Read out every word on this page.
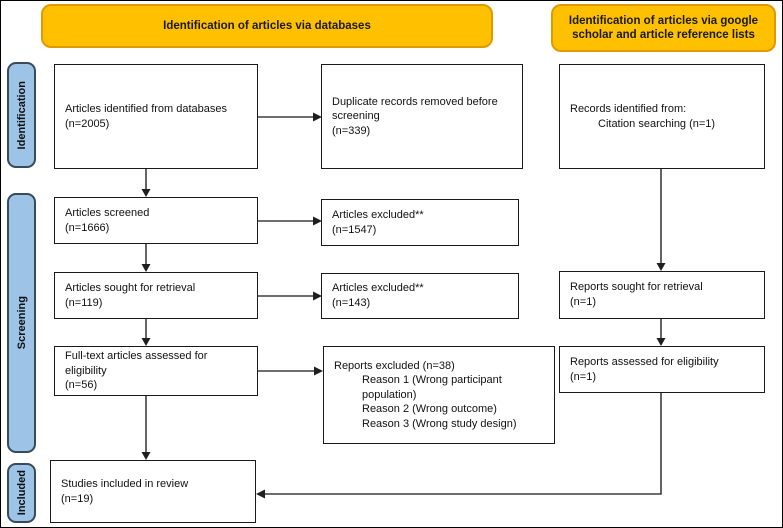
Identification of articles via databases	Identification of articles via google scholar and article reference lists
Identification
Screening
Included
Articles identified from databases
(n=2005)
Duplicate records removed before screening
(n=339)
Records identified from:
Citation searching (n=1)
Articles screened
(n=1666)
Articles excluded**
(n=1547)
Articles sought for retrieval
(n=119)
Articles excluded**
(n=143)
Reports sought for retrieval
(n=1)
Full-text articles assessed for eligibility
(n=56)
Reports excluded (n=38)
Reason 1 (Wrong participant population)
Reason 2 (Wrong outcome)
Reason 3 (Wrong study design)
Reports assessed for eligibility
(n=1)
Studies included in review
(n=19)
